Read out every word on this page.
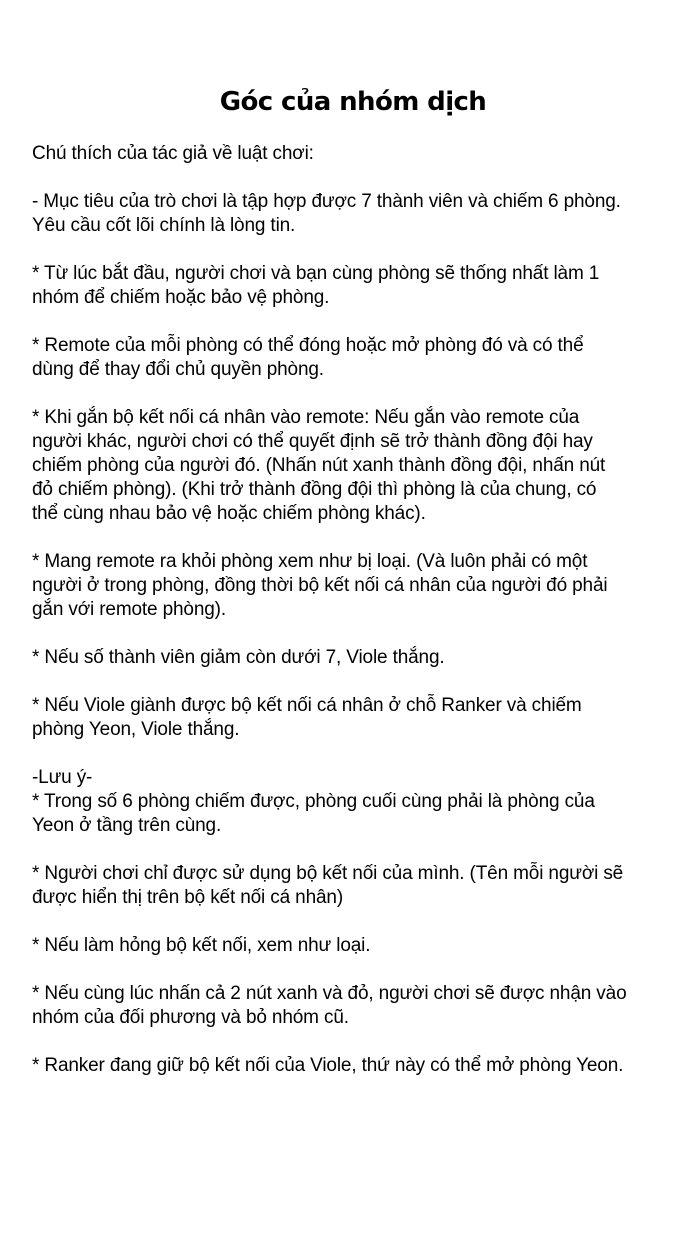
Góc của nhóm dịch

Chú thích của tác giả về luật chơi:

- Mục tiêu của trò chơi là tập hợp được 7 thành viên và chiếm 6 phòng.
Yêu cầu cốt lõi chính là lòng tin.

* Từ lúc bắt đầu, người chơi và bạn cùng phòng sẽ thống nhất làm 1
nhóm để chiếm hoặc bảo vệ phòng.

* Remote của mỗi phòng có thể đóng hoặc mở phòng đó và có thể
dùng để thay đổi chủ quyền phòng.

* Khi gắn bộ kết nối cá nhân vào remote: Nếu gắn vào remote của
người khác, người chơi có thể quyết định sẽ trở thành đồng đội hay
chiếm phòng của người đó. (Nhấn nút xanh thành đồng đội, nhấn nút
đỏ chiếm phòng). (Khi trở thành đồng đội thì phòng là của chung, có
thể cùng nhau bảo vệ hoặc chiếm phòng khác).

* Mang remote ra khỏi phòng xem như bị loại. (Và luôn phải có một
người ở trong phòng, đồng thời bộ kết nối cá nhân của người đó phải
gắn với remote phòng).

* Nếu số thành viên giảm còn dưới 7, Viole thắng.

* Nếu Viole giành được bộ kết nối cá nhân ở chỗ Ranker và chiếm
phòng Yeon, Viole thắng.

-Lưu ý-

* Trong số 6 phòng chiếm được, phòng cuối cùng phải là phòng của
Yeon ở tầng trên cùng.

* Người chơi chỉ được sử dụng bộ kết nối của mình. (Tên mỗi người sẽ
được hiển thị trên bộ kết nối cá nhân)

* Nếu làm hỏng bộ kết nối, xem như loại.

* Nếu cùng lúc nhấn cả 2 nút xanh và đỏ, người chơi sẽ được nhận vào
nhóm của đối phương và bỏ nhóm cũ.

* Ranker đang giữ bộ kết nối của Viole, thứ này có thể mở phòng Yeon.
